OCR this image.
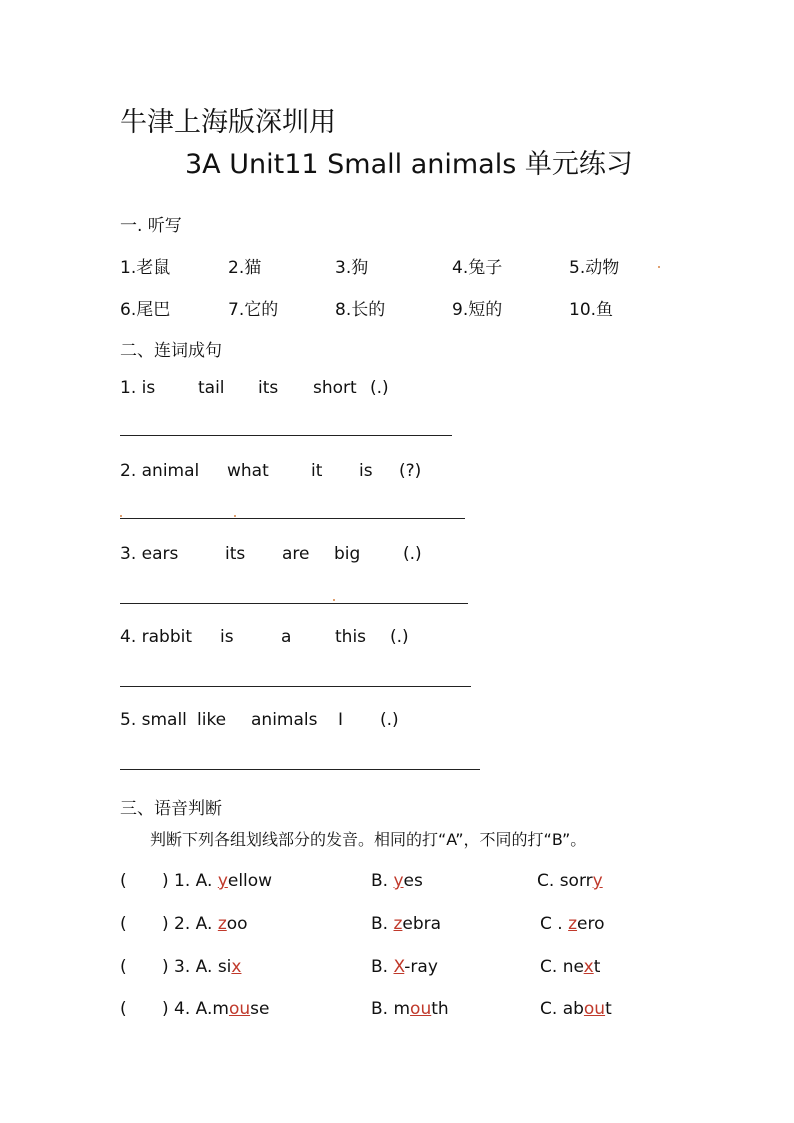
牛津上海版深圳用
3A Unit11 Small animals 单元练习
一. 听写
1.老鼠	2.猫	3.狗	4.兔子	5.动物
6.尾巴	7.它的	8.长的	9.短的	10.鱼
二、连词成句
1. is	tail its short (.)
2. animal what it is (?)
3. ears	its are big	(.)
4. rabbit is	a	this (.)
5. small like animals I (.)
三、语音判断
判断下列各组划线部分的发音。相同的打“A”，不同的打“B”。
( ) 1. A. yellow	B. yes	C. sorry
( ) 2. A. zoo	B. zebra	C . zero
( ) 3. A. six	B. X-ray	C. next
( ) 4. A.mouse	B. mouth	C. about
